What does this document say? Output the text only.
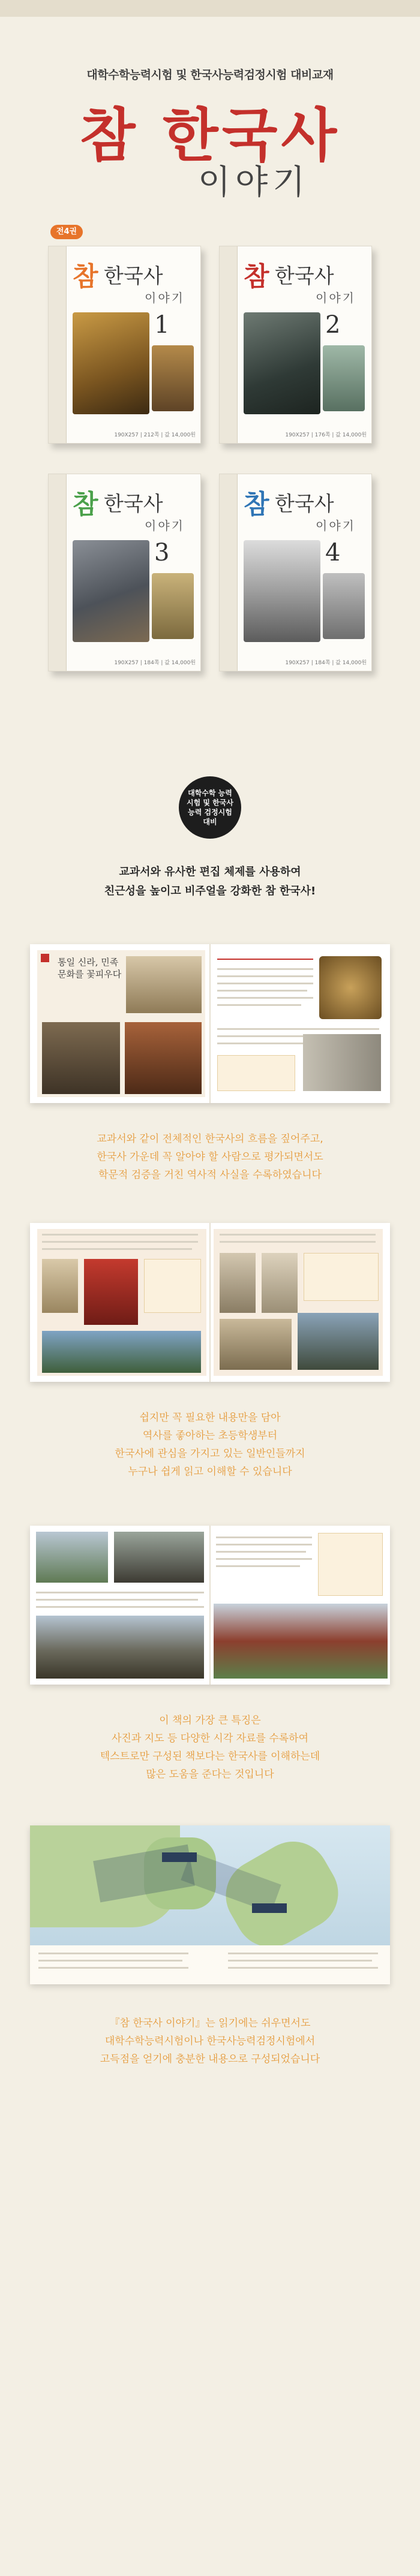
대학수학능력시험 및 한국사능력검정시험 대비교재
참 한국사
이야기
전4권
참 한국사
이야기
1
190X257 | 212쪽 | 값 14,000원
참 한국사
이야기
2
190X257 | 176쪽 | 값 14,000원
참 한국사
이야기
3
190X257 | 184쪽 | 값 14,000원
참 한국사
이야기
4
190X257 | 184쪽 | 값 14,000원
대학수학 능력시험 및 한국사능력 검정시험 대비
교과서와 유사한 편집 체제를 사용하여
친근성을 높이고 비주얼을 강화한 참 한국사!
통일 신라, 민족 문화를 꽃피우다
교과서와 같이 전체적인 한국사의 흐름을 짚어주고,
한국사 가운데 꼭 알아야 할 사람으로 평가되면서도
학문적 검증을 거친 역사적 사실을 수록하였습니다
쉽지만 꼭 필요한 내용만을 담아
역사를 좋아하는 초등학생부터
한국사에 관심을 가지고 있는 일반인들까지
누구나 쉽게 읽고 이해할 수 있습니다
이 책의 가장 큰 특징은
사진과 지도 등 다양한 시각 자료를 수록하여
텍스트로만 구성된 책보다는 한국사를 이해하는데
많은 도움을 준다는 것입니다
『참 한국사 이야기』는 읽기에는 쉬우면서도
대학수학능력시험이나 한국사능력검정시험에서
고득점을 얻기에 충분한 내용으로 구성되었습니다
